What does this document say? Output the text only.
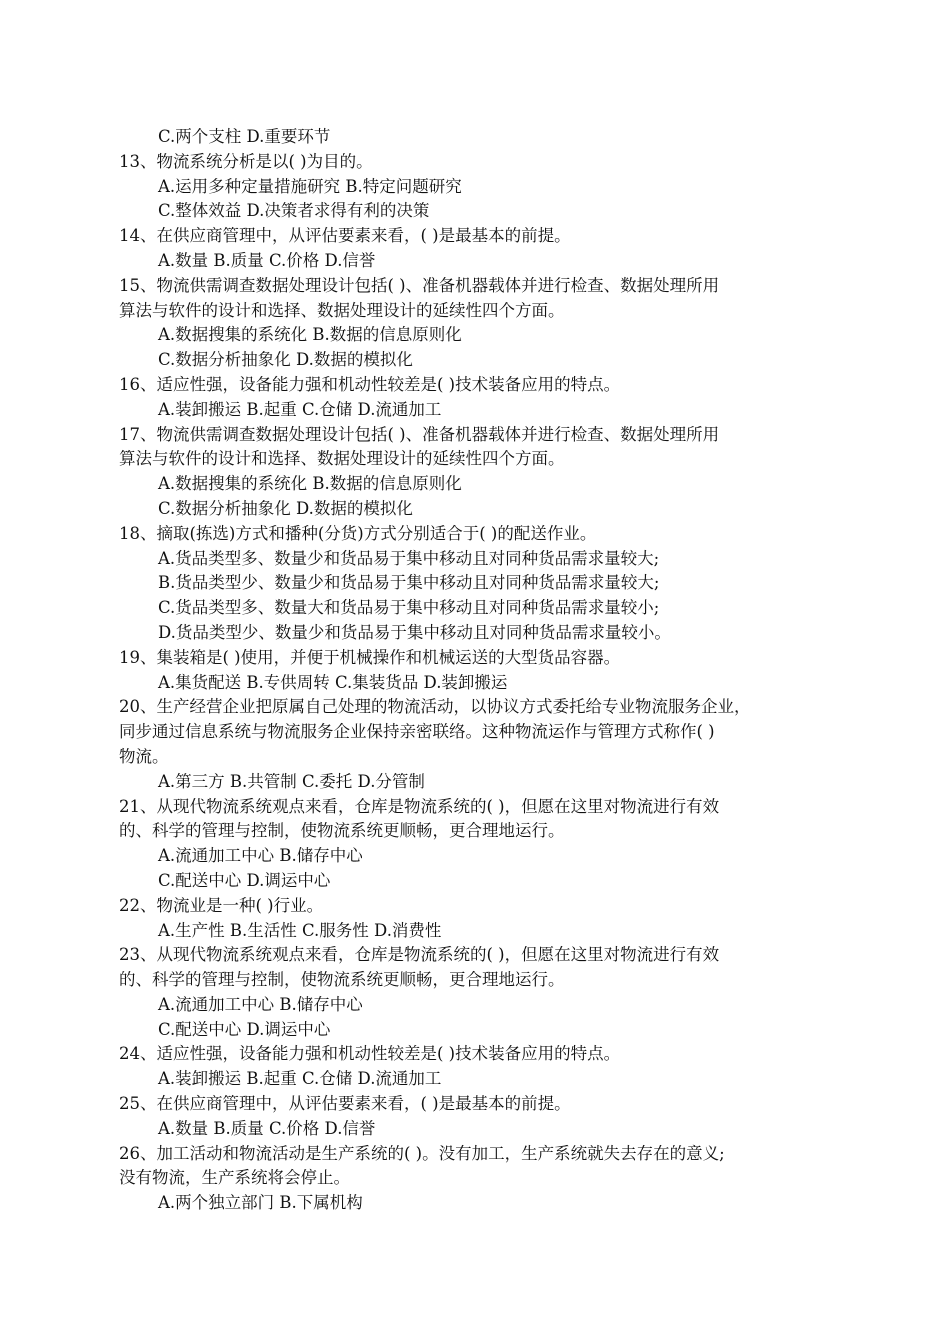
C.两个支柱 D.重要环节
13、物流系统分析是以( )为目的。
A.运用多种定量措施研究 B.特定问题研究
C.整体效益 D.决策者求得有利的决策
14、在供应商管理中，从评估要素来看，( )是最基本的前提。
A.数量 B.质量 C.价格 D.信誉
15、物流供需调查数据处理设计包括( )、准备机器载体并进行检查、数据处理所用
算法与软件的设计和选择、数据处理设计的延续性四个方面。
A.数据搜集的系统化 B.数据的信息原则化
C.数据分析抽象化 D.数据的模拟化
16、适应性强，设备能力强和机动性较差是( )技术装备应用的特点。
A.装卸搬运 B.起重 C.仓储 D.流通加工
17、物流供需调查数据处理设计包括( )、准备机器载体并进行检查、数据处理所用
算法与软件的设计和选择、数据处理设计的延续性四个方面。
A.数据搜集的系统化 B.数据的信息原则化
C.数据分析抽象化 D.数据的模拟化
18、摘取(拣选)方式和播种(分货)方式分别适合于( )的配送作业。
A.货品类型多、数量少和货品易于集中移动且对同种货品需求量较大;
B.货品类型少、数量少和货品易于集中移动且对同种货品需求量较大;
C.货品类型多、数量大和货品易于集中移动且对同种货品需求量较小;
D.货品类型少、数量少和货品易于集中移动且对同种货品需求量较小。
19、集装箱是( )使用，并便于机械操作和机械运送的大型货品容器。
A.集货配送 B.专供周转 C.集装货品 D.装卸搬运
20、生产经营企业把原属自己处理的物流活动，以协议方式委托给专业物流服务企业，
同步通过信息系统与物流服务企业保持亲密联络。这种物流运作与管理方式称作( )
物流。
A.第三方 B.共管制 C.委托 D.分管制
21、从现代物流系统观点来看，仓库是物流系统的( )，但愿在这里对物流进行有效
的、科学的管理与控制，使物流系统更顺畅，更合理地运行。
A.流通加工中心 B.储存中心
C.配送中心 D.调运中心
22、物流业是一种( )行业。
A.生产性 B.生活性 C.服务性 D.消费性
23、从现代物流系统观点来看，仓库是物流系统的( )，但愿在这里对物流进行有效
的、科学的管理与控制，使物流系统更顺畅，更合理地运行。
A.流通加工中心 B.储存中心
C.配送中心 D.调运中心
24、适应性强，设备能力强和机动性较差是( )技术装备应用的特点。
A.装卸搬运 B.起重 C.仓储 D.流通加工
25、在供应商管理中，从评估要素来看，( )是最基本的前提。
A.数量 B.质量 C.价格 D.信誉
26、加工活动和物流活动是生产系统的( )。没有加工，生产系统就失去存在的意义;
没有物流，生产系统将会停止。
A.两个独立部门 B.下属机构
